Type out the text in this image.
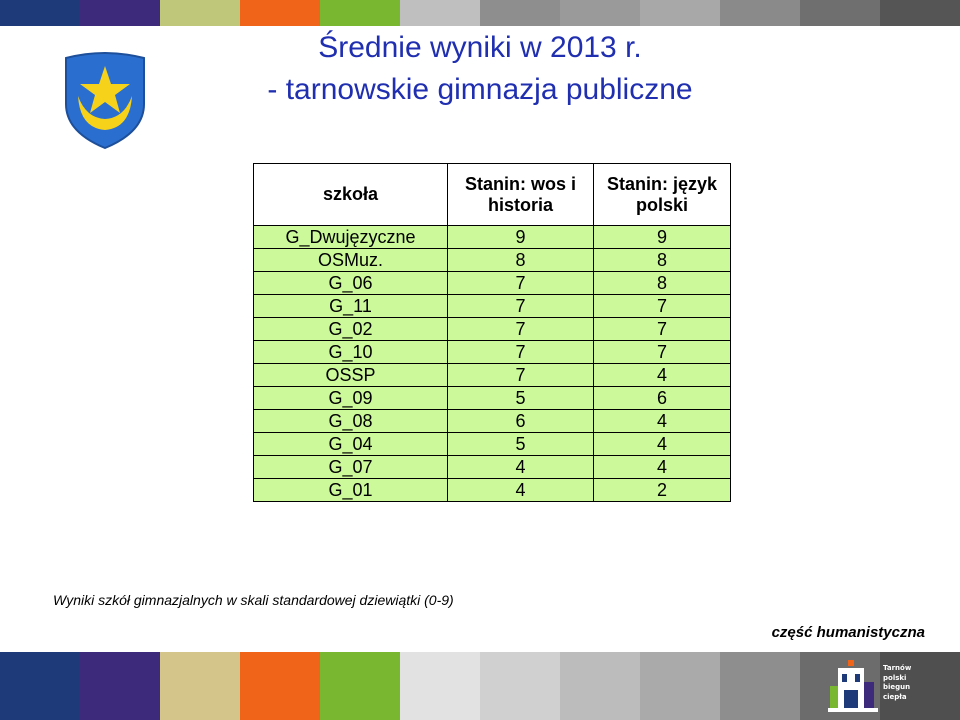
Średnie wyniki w 2013 r.
- tarnowskie gimnazja publiczne
szkoła	Stanin: wos i historia	Stanin: język polski
G_Dwujęzyczne	9	9
OSMuz.	8	8
G_06	7	8
G_11	7	7
G_02	7	7
G_10	7	7
OSSP	7	4
G_09	5	6
G_08	6	4
G_04	5	4
G_07	4	4
G_01	4	2

Wyniki szkół gimnazjalnych w skali standardowej dziewiątki (0-9)

część humanistyczna

Tarnów
polski
biegun
ciepła
